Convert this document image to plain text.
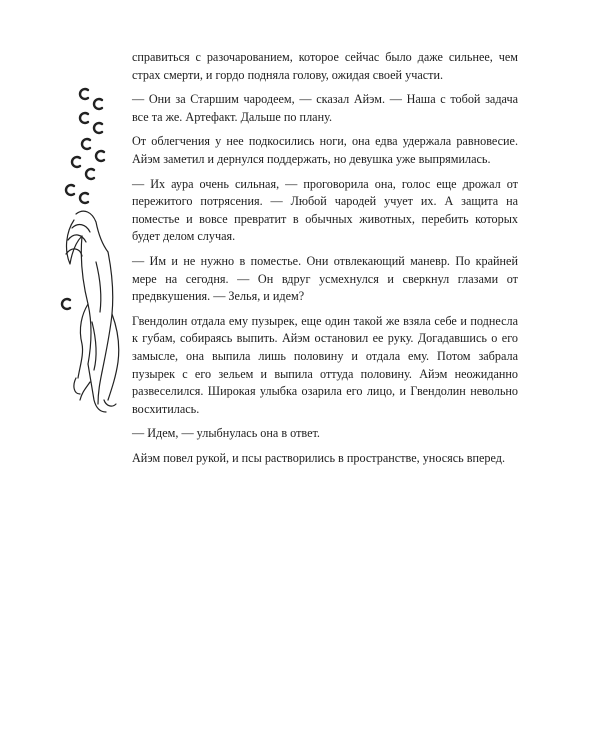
справиться с разочарованием, которое сейчас было даже сильнее, чем страх смерти, и гордо подняла голову, ожидая своей участи.

— Они за Старшим чародеем, — сказал Айэм. — Наша с тобой задача все та же. Артефакт. Дальше по плану.

От облегчения у нее подкосились ноги, она едва удержала равновесие. Айэм заметил и дернулся поддержать, но девушка уже выпрямилась.

— Их аура очень сильная, — проговорила она, голос еще дрожал от пережитого потрясения. — Любой чародей учует их. А защита на поместье и вовсе превратит в обычных животных, перебить которых будет делом случая.

— Им и не нужно в поместье. Они отвлекающий маневр. По крайней мере на сегодня. — Он вдруг усмехнулся и сверкнул глазами от предвкушения. — Зелья, и идем?

Гвендолин отдала ему пузырек, еще один такой же взяла себе и поднесла к губам, собираясь выпить. Айэм остановил ее руку. Догадавшись о его замысле, она выпила лишь половину и отдала ему. Потом забрала пузырек с его зельем и выпила оттуда половину. Айэм неожиданно развеселился. Широкая улыбка озарила его лицо, и Гвендолин невольно восхитилась.

— Идем, — улыбнулась она в ответ.

Айэм повел рукой, и псы растворились в пространстве, уносясь вперед.
